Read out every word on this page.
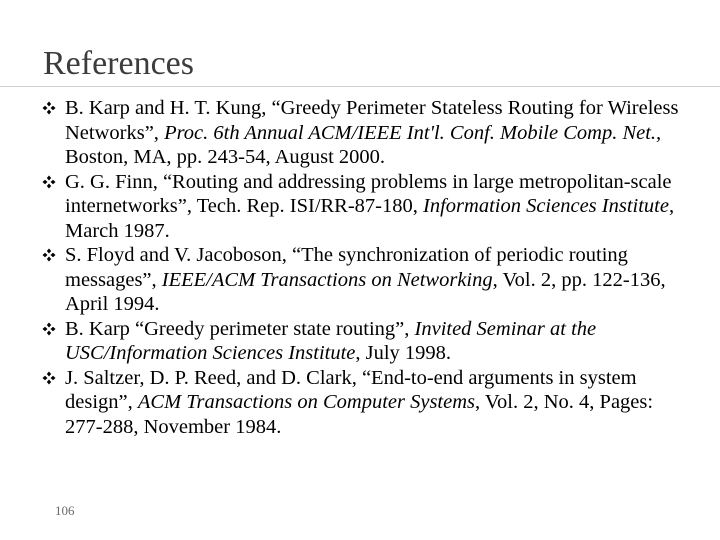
References
B. Karp and H. T. Kung, “Greedy Perimeter Stateless Routing for Wireless Networks”, Proc. 6th Annual ACM/IEEE Int'l. Conf. Mobile Comp. Net., Boston, MA, pp. 243-54, August 2000.
G. G. Finn, “Routing and addressing problems in large metropolitan-scale internetworks”, Tech. Rep. ISI/RR-87-180, Information Sciences Institute, March 1987.
S. Floyd and V. Jacoboson, “The synchronization of periodic routing messages”, IEEE/ACM Transactions on Networking, Vol. 2, pp. 122-136, April 1994.
B. Karp “Greedy perimeter state routing”, Invited Seminar at the USC/Information Sciences Institute, July 1998.
J. Saltzer, D. P. Reed, and D. Clark, “End-to-end arguments in system design”, ACM Transactions on Computer Systems, Vol. 2, No. 4, Pages: 277-288, November 1984.
106
